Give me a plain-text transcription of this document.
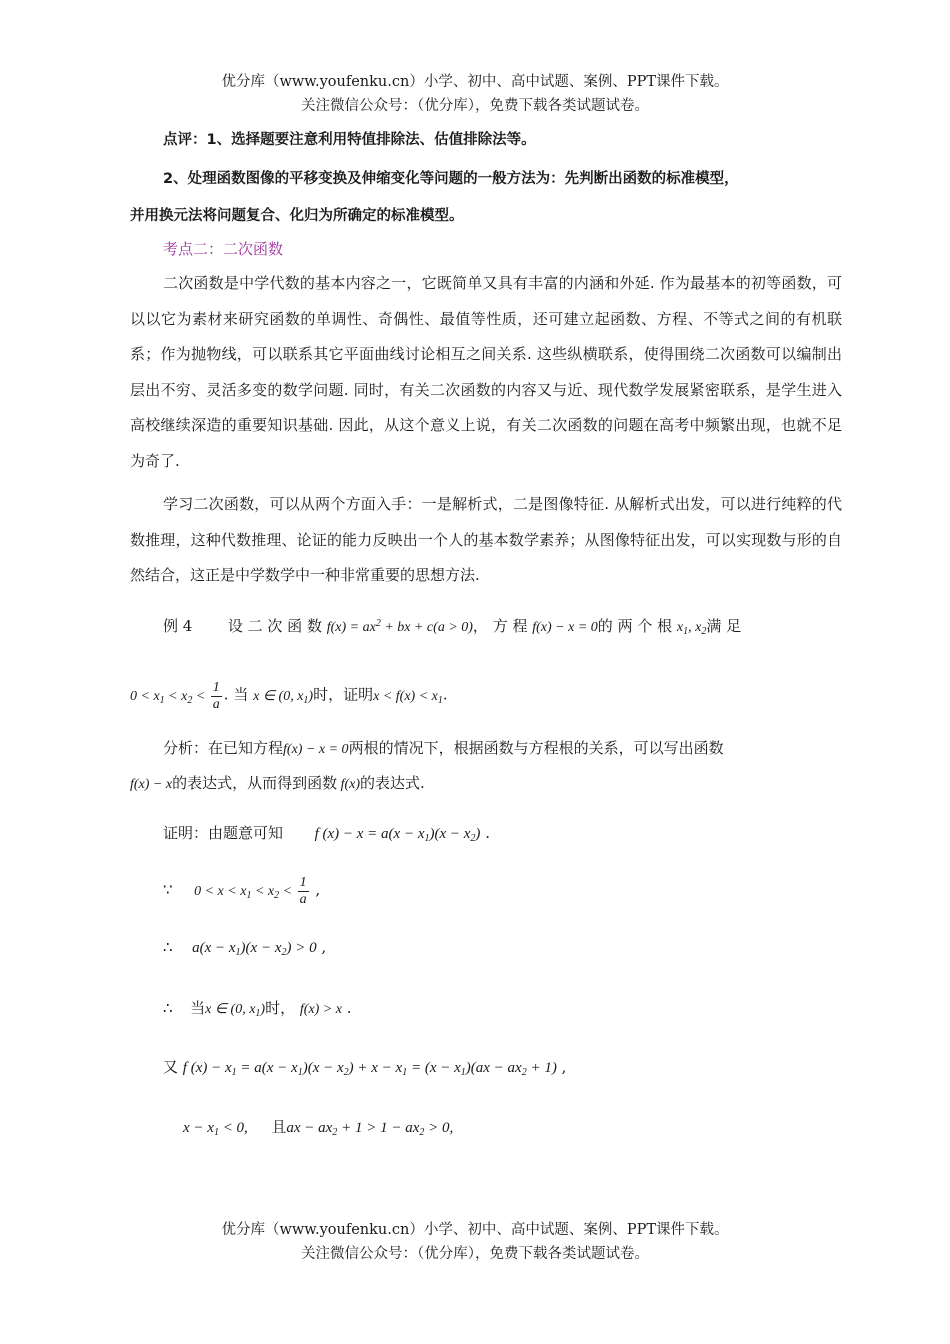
优分库（www.youfenku.cn）小学、初中、高中试题、案例、PPT课件下载。
关注微信公众号：（优分库），免费下载各类试题试卷。
点评：1、选择题要注意利用特值排除法、估值排除法等。
2、处理函数图像的平移变换及伸缩变化等问题的一般方法为：先判断出函数的标准模型，
并用换元法将问题复合、化归为所确定的标准模型。
考点二：二次函数
二次函数是中学代数的基本内容之一，它既简单又具有丰富的内涵和外延. 作为最基本的初等函数，可以以它为素材来研究函数的单调性、奇偶性、最值等性质，还可建立起函数、方程、不等式之间的有机联系；作为抛物线，可以联系其它平面曲线讨论相互之间关系. 这些纵横联系，使得围绕二次函数可以编制出层出不穷、灵活多变的数学问题. 同时，有关二次函数的内容又与近、现代数学发展紧密联系，是学生进入高校继续深造的重要知识基础. 因此，从这个意义上说，有关二次函数的问题在高考中频繁出现，也就不足为奇了.
学习二次函数，可以从两个方面入手：一是解析式，二是图像特征. 从解析式出发，可以进行纯粹的代数推理，这种代数推理、论证的能力反映出一个人的基本数学素养；从图像特征出发，可以实现数与形的自然结合，这正是中学数学中一种非常重要的思想方法.
例 4 设 二 次 函 数 $f(x) = ax^2$ + bx + c(a > 0)， 方 程 f(x) − x = 0的 两 个 根 $x_1$, $x_2$满 足
$0 < x_1 < x_2 < \frac{1}{a}$ . 当 x ∈ (0, $x_1$)时，证明$x < f(x) < x_1$.
分析：在已知方程f(x) − x = 0两根的情况下，根据函数与方程根的关系，可以写出函数
f(x) − x的表达式，从而得到函数 f(x)的表达式.
证明：由题意可知 f $(x) - x = a(x - x_1)(x - x_2)$ .
∵ $0 < x < x_1 < x_2 < \frac{1}{a}$ ,
∴ $a(x - x_1)(x - x_2) > 0$ ,
∴ 当x ∈ (0, $x_1$)时， f(x) > x .
又 f $(x) - x_1 = a(x - x_1)(x - x_2) + x - x_1 = (x - x_1)(ax - ax_2 + 1)$ ,
$x - x_1 < 0$, 且ax − $ax_2 + 1 > 1 - ax_2 > 0$,
优分库（www.youfenku.cn）小学、初中、高中试题、案例、PPT课件下载。
关注微信公众号：（优分库），免费下载各类试题试卷。
